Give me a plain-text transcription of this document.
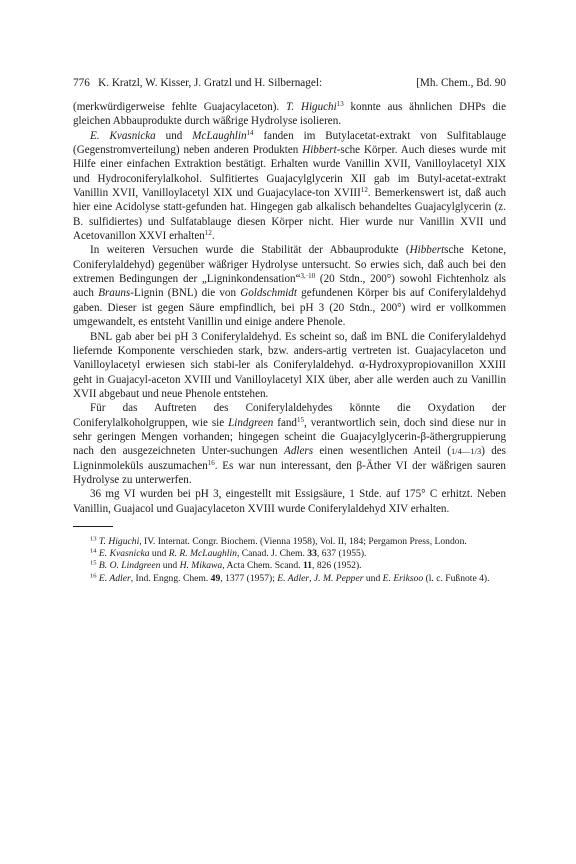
776 K. Kratzl, W. Kisser, J. Gratzl und H. Silbernagel:	[Mh. Chem., Bd. 90

(merkwürdigerweise fehlte Guajacylaceton). T. Higuchi$^{13}$ konnte aus ähnlichen DHPs die gleichen Abbauprodukte durch wäßrige Hydrolyse isolieren.

E. Kvasnicka und McLaughlin$^{14}$ fanden im Butylacetat-extrakt von Sulfitablauge (Gegenstromverteilung) neben anderen Produkten Hibbert-sche Körper. Auch dieses wurde mit Hilfe einer einfachen Extraktion bestätigt. Erhalten wurde Vanillin XVII, Vanilloylacetyl XIX und Hydroconiferylalkohol. Sulfitiertes Guajacylglycerin XII gab im Butyl-acetat-extrakt Vanillin XVII, Vanilloylacetyl XIX und Guajacylace-ton XVIII$^{12}$. Bemerkenswert ist, daß auch hier eine Acidolyse statt-gefunden hat. Hingegen gab alkalisch behandeltes Guajacylglycerin (z. B. sulfidiertes) und Sulfatablauge diesen Körper nicht. Hier wurde nur Vanillin XVII und Acetovanillon XXVI erhalten$^{12}$.

In weiteren Versuchen wurde die Stabilität der Abbauprodukte (Hibbertsche Ketone, Coniferylaldehyd) gegenüber wäßriger Hydrolyse untersucht. So erwies sich, daß auch bei den extremen Bedingungen der „Ligninkondensation“$^{3,\cdot 10}$ (20 Stdn., 200°) sowohl Fichtenholz als auch Brauns-Lignin (BNL) die von Goldschmidt gefundenen Körper bis auf Coniferylaldehyd gaben. Dieser ist gegen Säure empfindlich, bei pH 3 (20 Stdn., 200°) wird er vollkommen umgewandelt, es entsteht Vanillin und einige andere Phenole.

BNL gab aber bei pH 3 Coniferylaldehyd. Es scheint so, daß im BNL die Coniferylaldehyd liefernde Komponente verschieden stark, bzw. anders-artig vertreten ist. Guajacylaceton und Vanilloylacetyl erwiesen sich stabi-ler als Coniferylaldehyd. α-Hydroxypropiovanillon XXIII geht in Guajacyl-aceton XVIII und Vanilloylacetyl XIX über, aber alle werden auch zu Vanillin XVII abgebaut und neue Phenole entstehen.

Für das Auftreten des Coniferylaldehydes könnte die Oxydation der Coniferylalkoholgruppen, wie sie Lindgreen fand$^{15}$, verantwortlich sein, doch sind diese nur in sehr geringen Mengen vorhanden; hingegen scheint die Guajacylglycerin-β-äthergruppierung nach den ausgezeichneten Unter-suchungen Adlers einen wesentlichen Anteil (1/4—1/3) des Ligninmoleküls auszumachen$^{16}$. Es war nun interessant, den β-Äther VI der wäßrigen sauren Hydrolyse zu unterwerfen.

36 mg VI wurden bei pH 3, eingestellt mit Essigsäure, 1 Stde. auf 175° C erhitzt. Neben Vanillin, Guajacol und Guajacylaceton XVIII wurde Coniferylaldehyd XIV erhalten.

$^{13}$ T. Higuchi, IV. Internat. Congr. Biochem. (Vienna 1958), Vol. II, 184; Pergamon Press, London.

$^{14}$ E. Kvasnicka und R. R. McLaughlin, Canad. J. Chem. 33, 637 (1955).

$^{15}$ B. O. Lindgreen und H. Mikawa, Acta Chem. Scand. 11, 826 (1952).

$^{16}$ E. Adler, Ind. Engng. Chem. 49, 1377 (1957); E. Adler, J. M. Pepper und E. Eriksoo (l. c. Fußnote 4).
